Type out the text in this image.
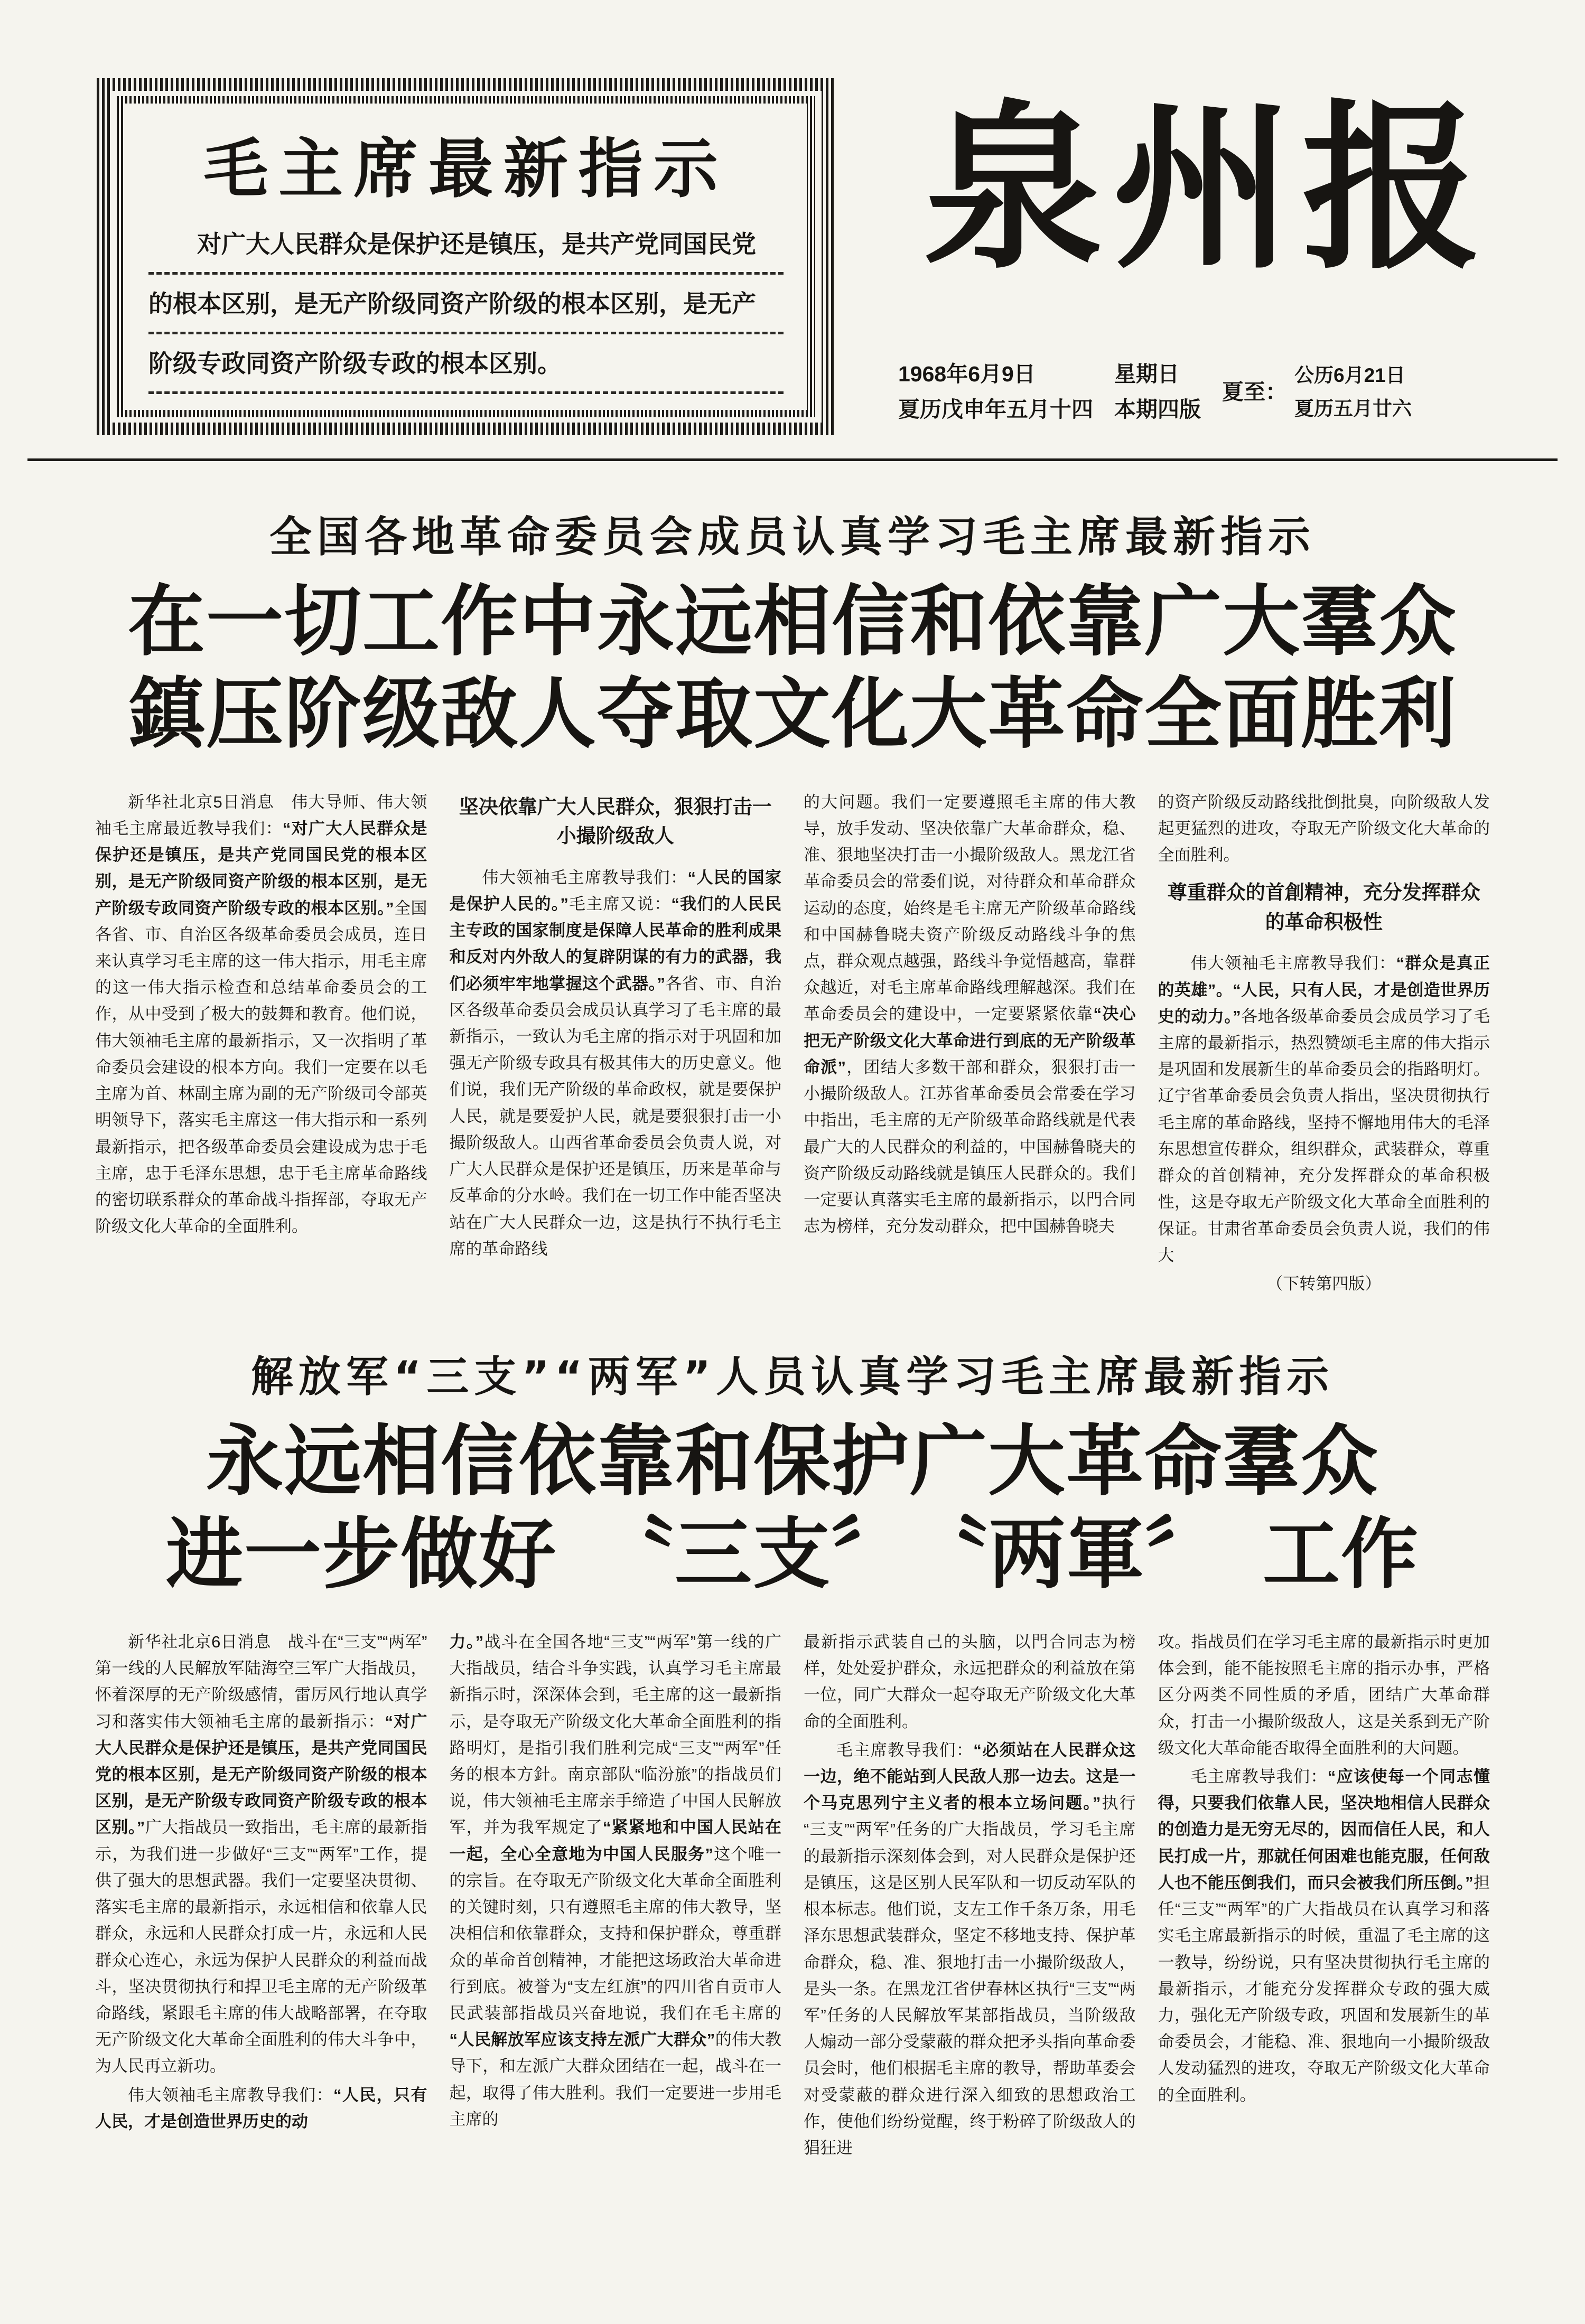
毛主席最新指示
对广大人民群众是保护还是镇压，是共产党同国民党
的根本区别，是无产阶级同资产阶级的根本区别，是无产
阶级专政同资产阶级专政的根本区别。
泉州报
1968年6月9日
夏历戊申年五月十四
星期日
本期四版
夏至：
公历6月21日
夏历五月廿六
全国各地革命委员会成员认真学习毛主席最新指示
在一切工作中永远相信和依靠广大羣众
鎮压阶级敌人夺取文化大革命全面胜利

新华社北京5日消息　伟大导师、伟大领袖毛主席最近教导我们：“对广大人民群众是保护还是镇压，是共产党同国民党的根本区别，是无产阶级同资产阶级的根本区别，是无产阶级专政同资产阶级专政的根本区别。”全国各省、市、自治区各级革命委员会成员，连日来认真学习毛主席的这一伟大指示，用毛主席的这一伟大指示检查和总结革命委员会的工作，从中受到了极大的鼓舞和教育。他们说，伟大领袖毛主席的最新指示，又一次指明了革命委员会建设的根本方向。我们一定要在以毛主席为首、林副主席为副的无产阶级司令部英明领导下，落实毛主席这一伟大指示和一系列最新指示，把各级革命委员会建设成为忠于毛主席，忠于毛泽东思想，忠于毛主席革命路线的密切联系群众的革命战斗指挥部，夺取无产阶级文化大革命的全面胜利。

坚决依靠广大人民群众，狠狠打击一小撮阶级敌人

伟大领袖毛主席教导我们：“人民的国家是保护人民的。”毛主席又说：“我们的人民民主专政的国家制度是保障人民革命的胜利成果和反对内外敌人的复辟阴谋的有力的武器，我们必须牢牢地掌握这个武器。”各省、市、自治区各级革命委员会成员认真学习了毛主席的最新指示，一致认为毛主席的指示对于巩固和加强无产阶级专政具有极其伟大的历史意义。他们说，我们无产阶级的革命政权，就是要保护人民，就是要爱护人民，就是要狠狠打击一小撮阶级敌人。山西省革命委员会负责人说，对广大人民群众是保护还是镇压，历来是革命与反革命的分水岭。我们在一切工作中能否坚决站在广大人民群众一边，这是执行不执行毛主席的革命路线

的大问题。我们一定要遵照毛主席的伟大教导，放手发动、坚决依靠广大革命群众，稳、准、狠地坚决打击一小撮阶级敌人。黑龙江省革命委员会的常委们说，对待群众和革命群众运动的态度，始终是毛主席无产阶级革命路线和中国赫鲁晓夫资产阶级反动路线斗争的焦点，群众观点越强，路线斗争觉悟越高，靠群众越近，对毛主席革命路线理解越深。我们在革命委员会的建设中，一定要紧紧依靠“决心把无产阶级文化大革命进行到底的无产阶级革命派”，团结大多数干部和群众，狠狠打击一小撮阶级敌人。江苏省革命委员会常委在学习中指出，毛主席的无产阶级革命路线就是代表最广大的人民群众的利益的，中国赫鲁晓夫的资产阶级反动路线就是镇压人民群众的。我们一定要认真落实毛主席的最新指示，以門合同志为榜样，充分发动群众，把中国赫鲁晓夫

的资产阶级反动路线批倒批臭，向阶级敌人发起更猛烈的进攻，夺取无产阶级文化大革命的全面胜利。

尊重群众的首創精神，充分发挥群众的革命积极性

伟大领袖毛主席教导我们：“群众是真正的英雄”。“人民，只有人民，才是创造世界历史的动力。”各地各级革命委员会成员学习了毛主席的最新指示，热烈赞颂毛主席的伟大指示是巩固和发展新生的革命委员会的指路明灯。辽宁省革命委员会负责人指出，坚决贯彻执行毛主席的革命路线，坚持不懈地用伟大的毛泽东思想宣传群众，组织群众，武装群众，尊重群众的首创精神，充分发挥群众的革命积极性，这是夺取无产阶级文化大革命全面胜利的保证。甘肃省革命委员会负责人说，我们的伟大

（下转第四版）

解放军“三支”“两军”人员认真学习毛主席最新指示
永远相信依靠和保护广大革命羣众
进一步做好　〝三支〞　〝两軍〞　工作

新华社北京6日消息　战斗在“三支”“两军”第一线的人民解放军陆海空三军广大指战员，怀着深厚的无产阶级感情，雷厉风行地认真学习和落实伟大领袖毛主席的最新指示：“对广大人民群众是保护还是镇压，是共产党同国民党的根本区别，是无产阶级同资产阶级的根本区别，是无产阶级专政同资产阶级专政的根本区别。”广大指战员一致指出，毛主席的最新指示，为我们进一步做好“三支”“两军”工作，提供了强大的思想武器。我们一定要坚决贯彻、落实毛主席的最新指示，永远相信和依靠人民群众，永远和人民群众打成一片，永远和人民群众心连心，永远为保护人民群众的利益而战斗，坚决贯彻执行和捍卫毛主席的无产阶级革命路线，紧跟毛主席的伟大战略部署，在夺取无产阶级文化大革命全面胜利的伟大斗争中，为人民再立新功。

伟大领袖毛主席教导我们：“人民，只有人民，才是创造世界历史的动

力。”战斗在全国各地“三支”“两军”第一线的广大指战员，结合斗争实践，认真学习毛主席最新指示时，深深体会到，毛主席的这一最新指示，是夺取无产阶级文化大革命全面胜利的指路明灯，是指引我们胜利完成“三支”“两军”任务的根本方針。南京部队“临汾旅”的指战员们说，伟大领袖毛主席亲手缔造了中国人民解放军，并为我军规定了“紧紧地和中国人民站在一起，全心全意地为中国人民服务”这个唯一的宗旨。在夺取无产阶级文化大革命全面胜利的关键时刻，只有遵照毛主席的伟大教导，坚决相信和依靠群众，支持和保护群众，尊重群众的革命首创精神，才能把这场政治大革命进行到底。被誉为“支左红旗”的四川省自贡市人民武装部指战员兴奋地说，我们在毛主席的“人民解放军应该支持左派广大群众”的伟大教导下，和左派广大群众团结在一起，战斗在一起，取得了伟大胜利。我们一定要进一步用毛主席的

最新指示武装自己的头脑，以門合同志为榜样，处处爱护群众，永远把群众的利益放在第一位，同广大群众一起夺取无产阶级文化大革命的全面胜利。

毛主席教导我们：“必须站在人民群众这一边，绝不能站到人民敌人那一边去。这是一个马克思列宁主义者的根本立场问题。”执行“三支”“两军”任务的广大指战员，学习毛主席的最新指示深刻体会到，对人民群众是保护还是镇压，这是区别人民军队和一切反动军队的根本标志。他们说，支左工作千条万条，用毛泽东思想武装群众，坚定不移地支持、保护革命群众，稳、准、狠地打击一小撮阶级敌人，是头一条。在黑龙江省伊春林区执行“三支”“两军”任务的人民解放军某部指战员，当阶级敌人煽动一部分受蒙蔽的群众把矛头指向革命委员会时，他们根据毛主席的教导，帮助革委会对受蒙蔽的群众进行深入细致的思想政治工作，使他们纷纷觉醒，终于粉碎了阶级敌人的猖狂进

攻。指战员们在学习毛主席的最新指示时更加体会到，能不能按照毛主席的指示办事，严格区分两类不同性质的矛盾，团结广大革命群众，打击一小撮阶级敌人，这是关系到无产阶级文化大革命能否取得全面胜利的大问题。

毛主席教导我们：“应该使每一个同志懂得，只要我们依靠人民，坚决地相信人民群众的创造力是无穷无尽的，因而信任人民，和人民打成一片，那就任何困难也能克服，任何敌人也不能压倒我们，而只会被我们所压倒。”担任“三支”“两军”的广大指战员在认真学习和落实毛主席最新指示的时候，重温了毛主席的这一教导，纷纷说，只有坚决贯彻执行毛主席的最新指示，才能充分发挥群众专政的强大威力，强化无产阶级专政，巩固和发展新生的革命委员会，才能稳、准、狠地向一小撮阶级敌人发动猛烈的进攻，夺取无产阶级文化大革命的全面胜利。
